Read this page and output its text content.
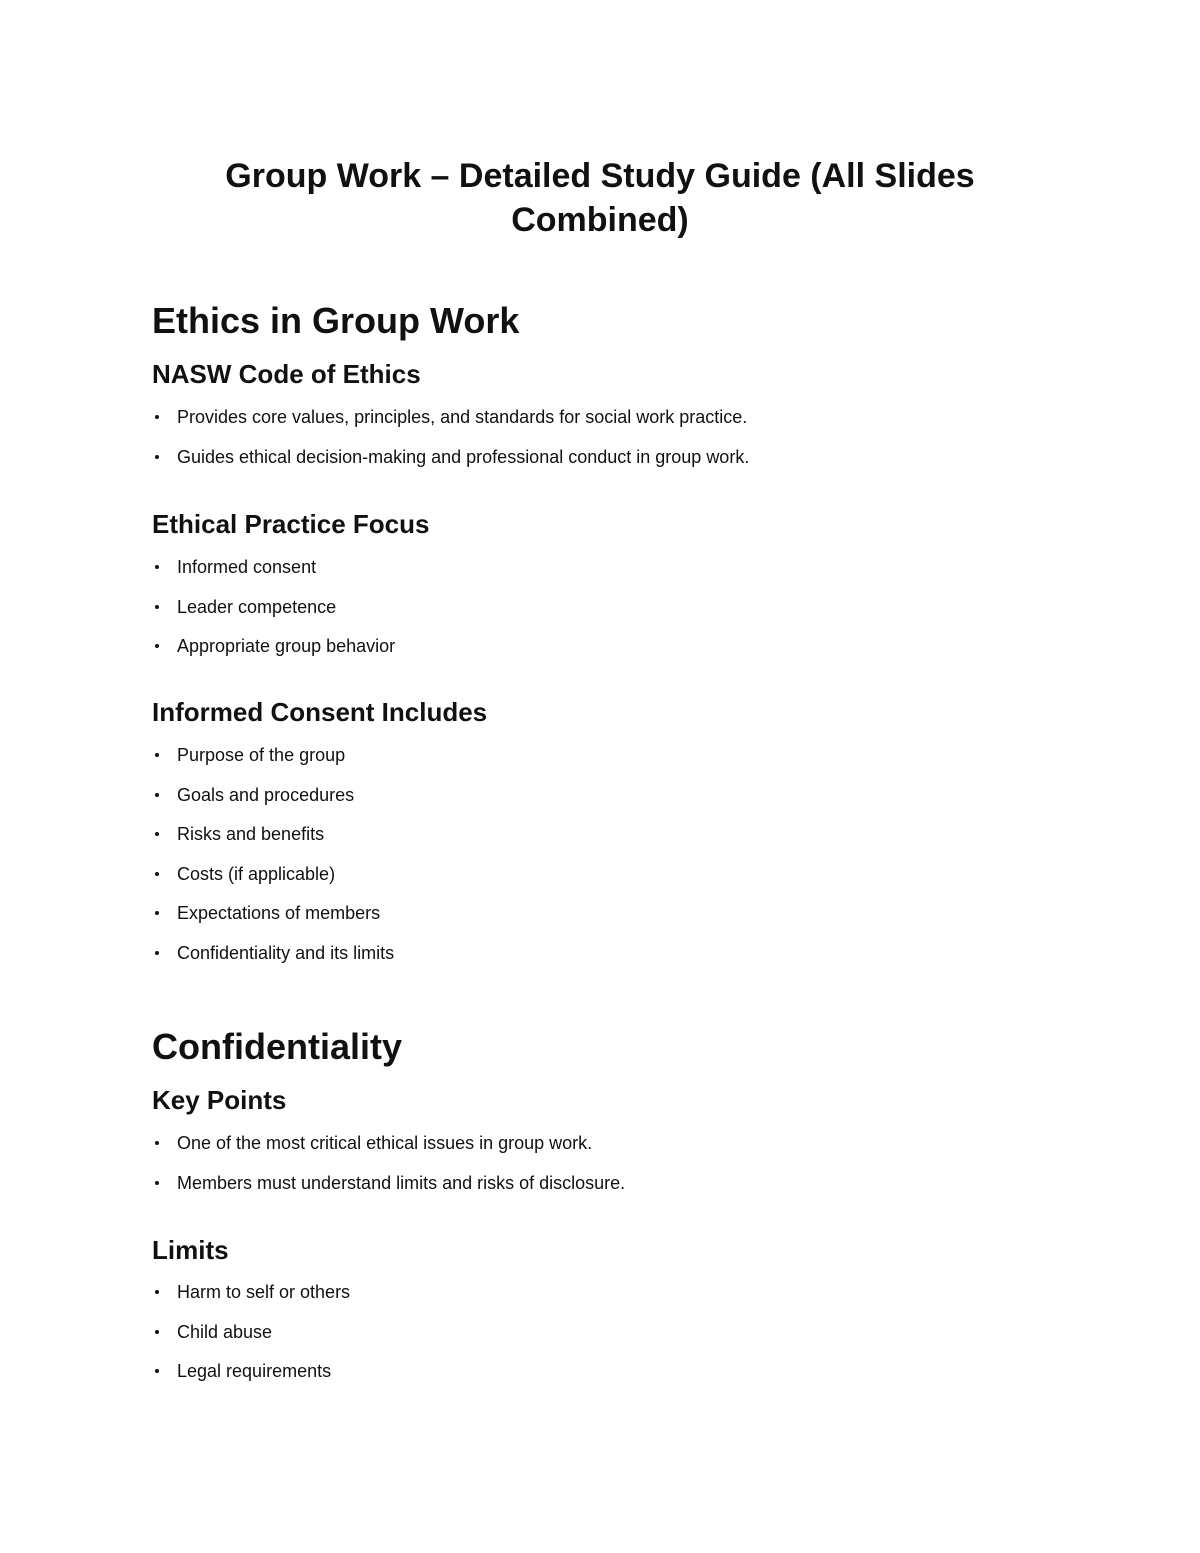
Group Work – Detailed Study Guide (All Slides Combined)
Ethics in Group Work
NASW Code of Ethics
Provides core values, principles, and standards for social work practice.
Guides ethical decision-making and professional conduct in group work.
Ethical Practice Focus
Informed consent
Leader competence
Appropriate group behavior
Informed Consent Includes
Purpose of the group
Goals and procedures
Risks and benefits
Costs (if applicable)
Expectations of members
Confidentiality and its limits
Confidentiality
Key Points
One of the most critical ethical issues in group work.
Members must understand limits and risks of disclosure.
Limits
Harm to self or others
Child abuse
Legal requirements
